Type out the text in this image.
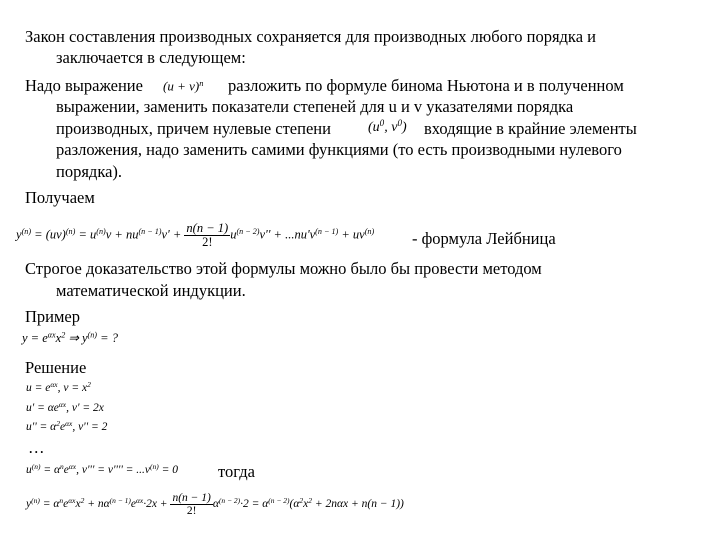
Закон составления производных сохраняется для производных любого порядка и
заключается в следующем:
Надо выражение $(u + v)^n$ разложить по формуле бинома Ньютона и в полученном
выражении, заменить показатели степеней для u и v указателями порядка
производных, причем нулевые степени	($u^0$, $v^0$) входящие в крайние элементы
разложения, надо заменить самими функциями (то есть производными нулевого
порядка).
Получаем
$y^{(n)} = (uv)^{(n)} = u^{(n)}v + nu^{(n - 1)}v' + \frac{n(n - 1)}{2!} u^{(n - 2)}v'' + ...nu'v^{(n - 1)} + uv^{(n)}$ - формула Лейбница
Строгое доказательство этой формулы можно было бы провести методом
математической индукции.
Пример
$y = e^{\alpha x}x^2$ ⇒ $y^{(n)}$ = ?
Решение
$u = e^{\alpha x}$, $v = x^2$
$u' = \alpha e^{\alpha x}$, v' = 2x
$u'' = \alpha^2e^{\alpha x}$, v'' = 2
…
$u^{(n)} = \alpha^ne^{\alpha x}$, $v''' = v'''' = ...v^{(n)} = 0$ тогда
$y^{(n)} = \alpha^ne^{\alpha x}x^2 + n\alpha^{(n - 1)}e^{\alpha x}\cdot 2x + \frac{n(n - 1)}{2!} \alpha^{(n - 2)}\cdot 2 = \alpha^{(n - 2)}(\alpha^2x^2 + 2n\alpha x + n(n - 1))$
